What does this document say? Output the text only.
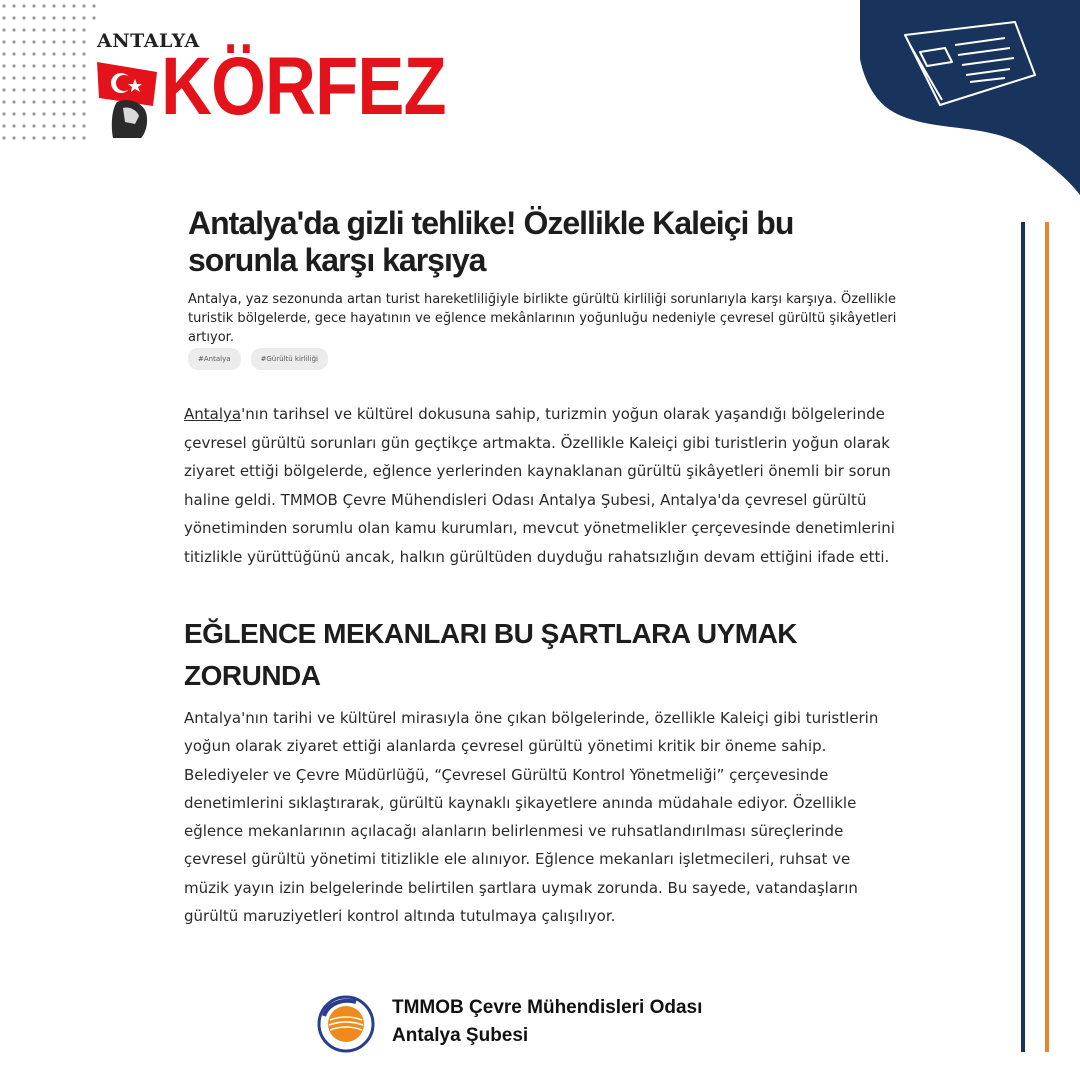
ANTALYA
KÖRFEZ
Antalya'da gizli tehlike! Özellikle Kaleiçi bu sorunla karşı karşıya

Antalya, yaz sezonunda artan turist hareketliliğiyle birlikte gürültü kirliliği sorunlarıyla karşı karşıya. Özellikle turistik bölgelerde, gece hayatının ve eğlence mekânlarının yoğunluğu nedeniyle çevresel gürültü şikâyetleri artıyor.

#Antalya	#Gürültü kirliliği

Antalya'nın tarihsel ve kültürel dokusuna sahip, turizmin yoğun olarak yaşandığı bölgelerinde çevresel gürültü sorunları gün geçtikçe artmakta. Özellikle Kaleiçi gibi turistlerin yoğun olarak ziyaret ettiği bölgelerde, eğlence yerlerinden kaynaklanan gürültü şikâyetleri önemli bir sorun haline geldi. TMMOB Çevre Mühendisleri Odası Antalya Şubesi, Antalya'da çevresel gürültü yönetiminden sorumlu olan kamu kurumları, mevcut yönetmelikler çerçevesinde denetimlerini titizlikle yürüttüğünü ancak, halkın gürültüden duyduğu rahatsızlığın devam ettiğini ifade etti.

EĞLENCE MEKANLARI BU ŞARTLARA UYMAK ZORUNDA

Antalya'nın tarihi ve kültürel mirasıyla öne çıkan bölgelerinde, özellikle Kaleiçi gibi turistlerin yoğun olarak ziyaret ettiği alanlarda çevresel gürültü yönetimi kritik bir öneme sahip. Belediyeler ve Çevre Müdürlüğü, “Çevresel Gürültü Kontrol Yönetmeliği” çerçevesinde denetimlerini sıklaştırarak, gürültü kaynaklı şikayetlere anında müdahale ediyor. Özellikle eğlence mekanlarının açılacağı alanların belirlenmesi ve ruhsatlandırılması süreçlerinde çevresel gürültü yönetimi titizlikle ele alınıyor. Eğlence mekanları işletmecileri, ruhsat ve müzik yayın izin belgelerinde belirtilen şartlara uymak zorunda. Bu sayede, vatandaşların gürültü maruziyetleri kontrol altında tutulmaya çalışılıyor.

TMMOB Çevre Mühendisleri Odası
Antalya Şubesi
